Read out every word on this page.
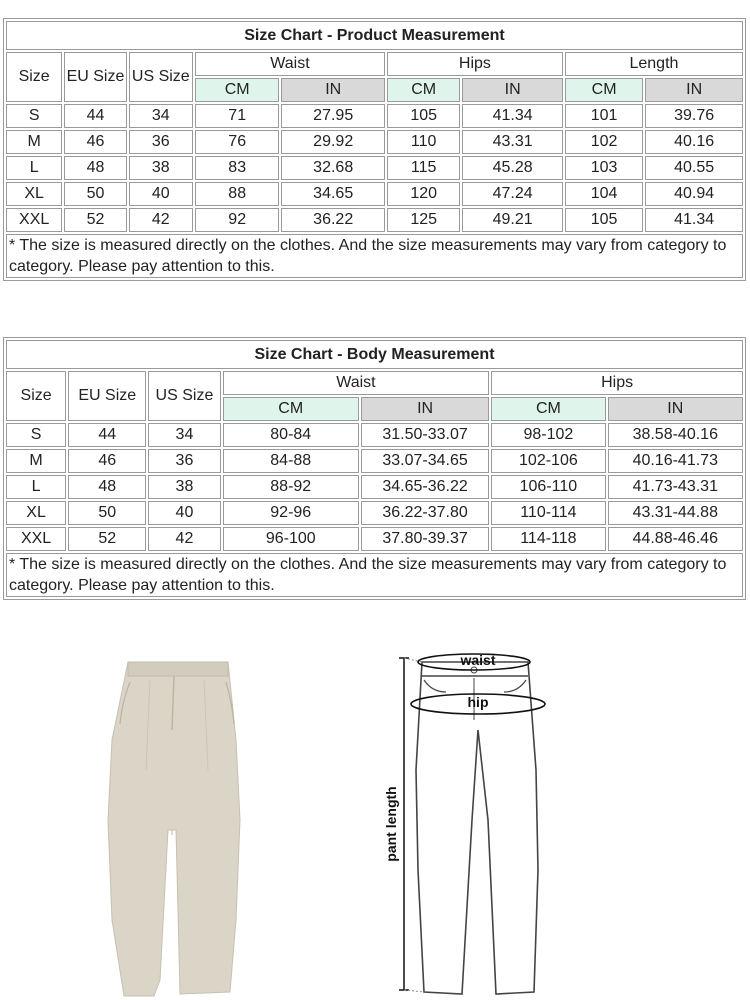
Size Chart - Product Measurement								
Size	EU Size	US Size	Waist		Hips		Length	
			CM	IN	CM	IN	CM	IN
S	44	34	71	27.95	105	41.34	101	39.76
M	46	36	76	29.92	110	43.31	102	40.16
L	48	38	83	32.68	115	45.28	103	40.55
XL	50	40	88	34.65	120	47.24	104	40.94
XXL	52	42	92	36.22	125	49.21	105	41.34
* The size is measured directly on the clothes. And the size measurements may vary from category to category. Please pay attention to this.								
Size Chart - Body Measurement						
Size	EU Size	US Size	Waist		Hips	
			CM	IN	CM	IN
S	44	34	80-84	31.50-33.07	98-102	38.58-40.16
M	46	36	84-88	33.07-34.65	102-106	40.16-41.73
L	48	38	88-92	34.65-36.22	106-110	41.73-43.31
XL	50	40	92-96	36.22-37.80	110-114	43.31-44.88
XXL	52	42	96-100	37.80-39.37	114-118	44.88-46.46
* The size is measured directly on the clothes. And the size measurements may vary from category to category. Please pay attention to this.						
waist
hip
pant length
